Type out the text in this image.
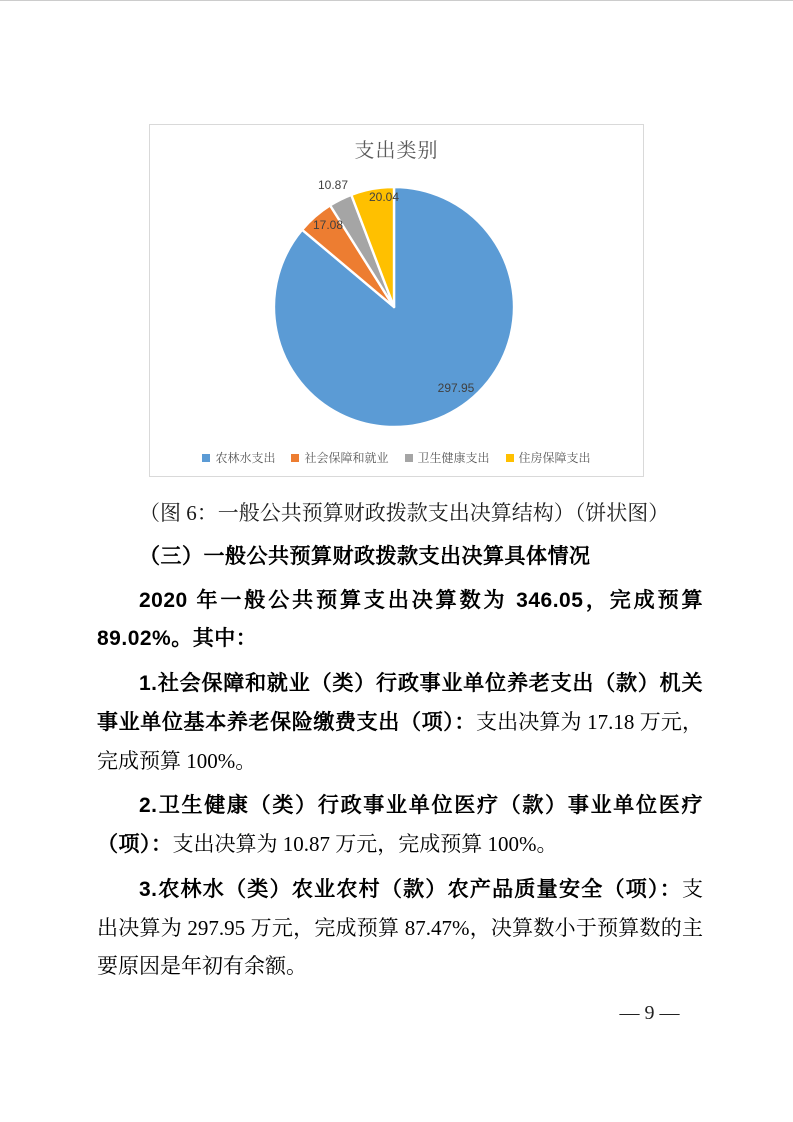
支出类别
297.95
17.08
10.87
20.04
农林水支出 社会保障和就业 卫生健康支出 住房保障支出

（图 6：一般公共预算财政拨款支出决算结构）（饼状图）

（三）一般公共预算财政拨款支出决算具体情况

2020 年一般公共预算支出决算数为 346.05，完成预算 89.02%。其中：

1.社会保障和就业（类）行政事业单位养老支出（款）机关事业单位基本养老保险缴费支出（项）：支出决算为 17.18 万元，完成预算 100%。

2.卫生健康（类）行政事业单位医疗（款）事业单位医疗（项）：支出决算为 10.87 万元，完成预算 100%。

3.农林水（类）农业农村（款）农产品质量安全（项）：支出决算为 297.95 万元，完成预算 87.47%，决算数小于预算数的主要原因是年初有余额。

— 9 —
